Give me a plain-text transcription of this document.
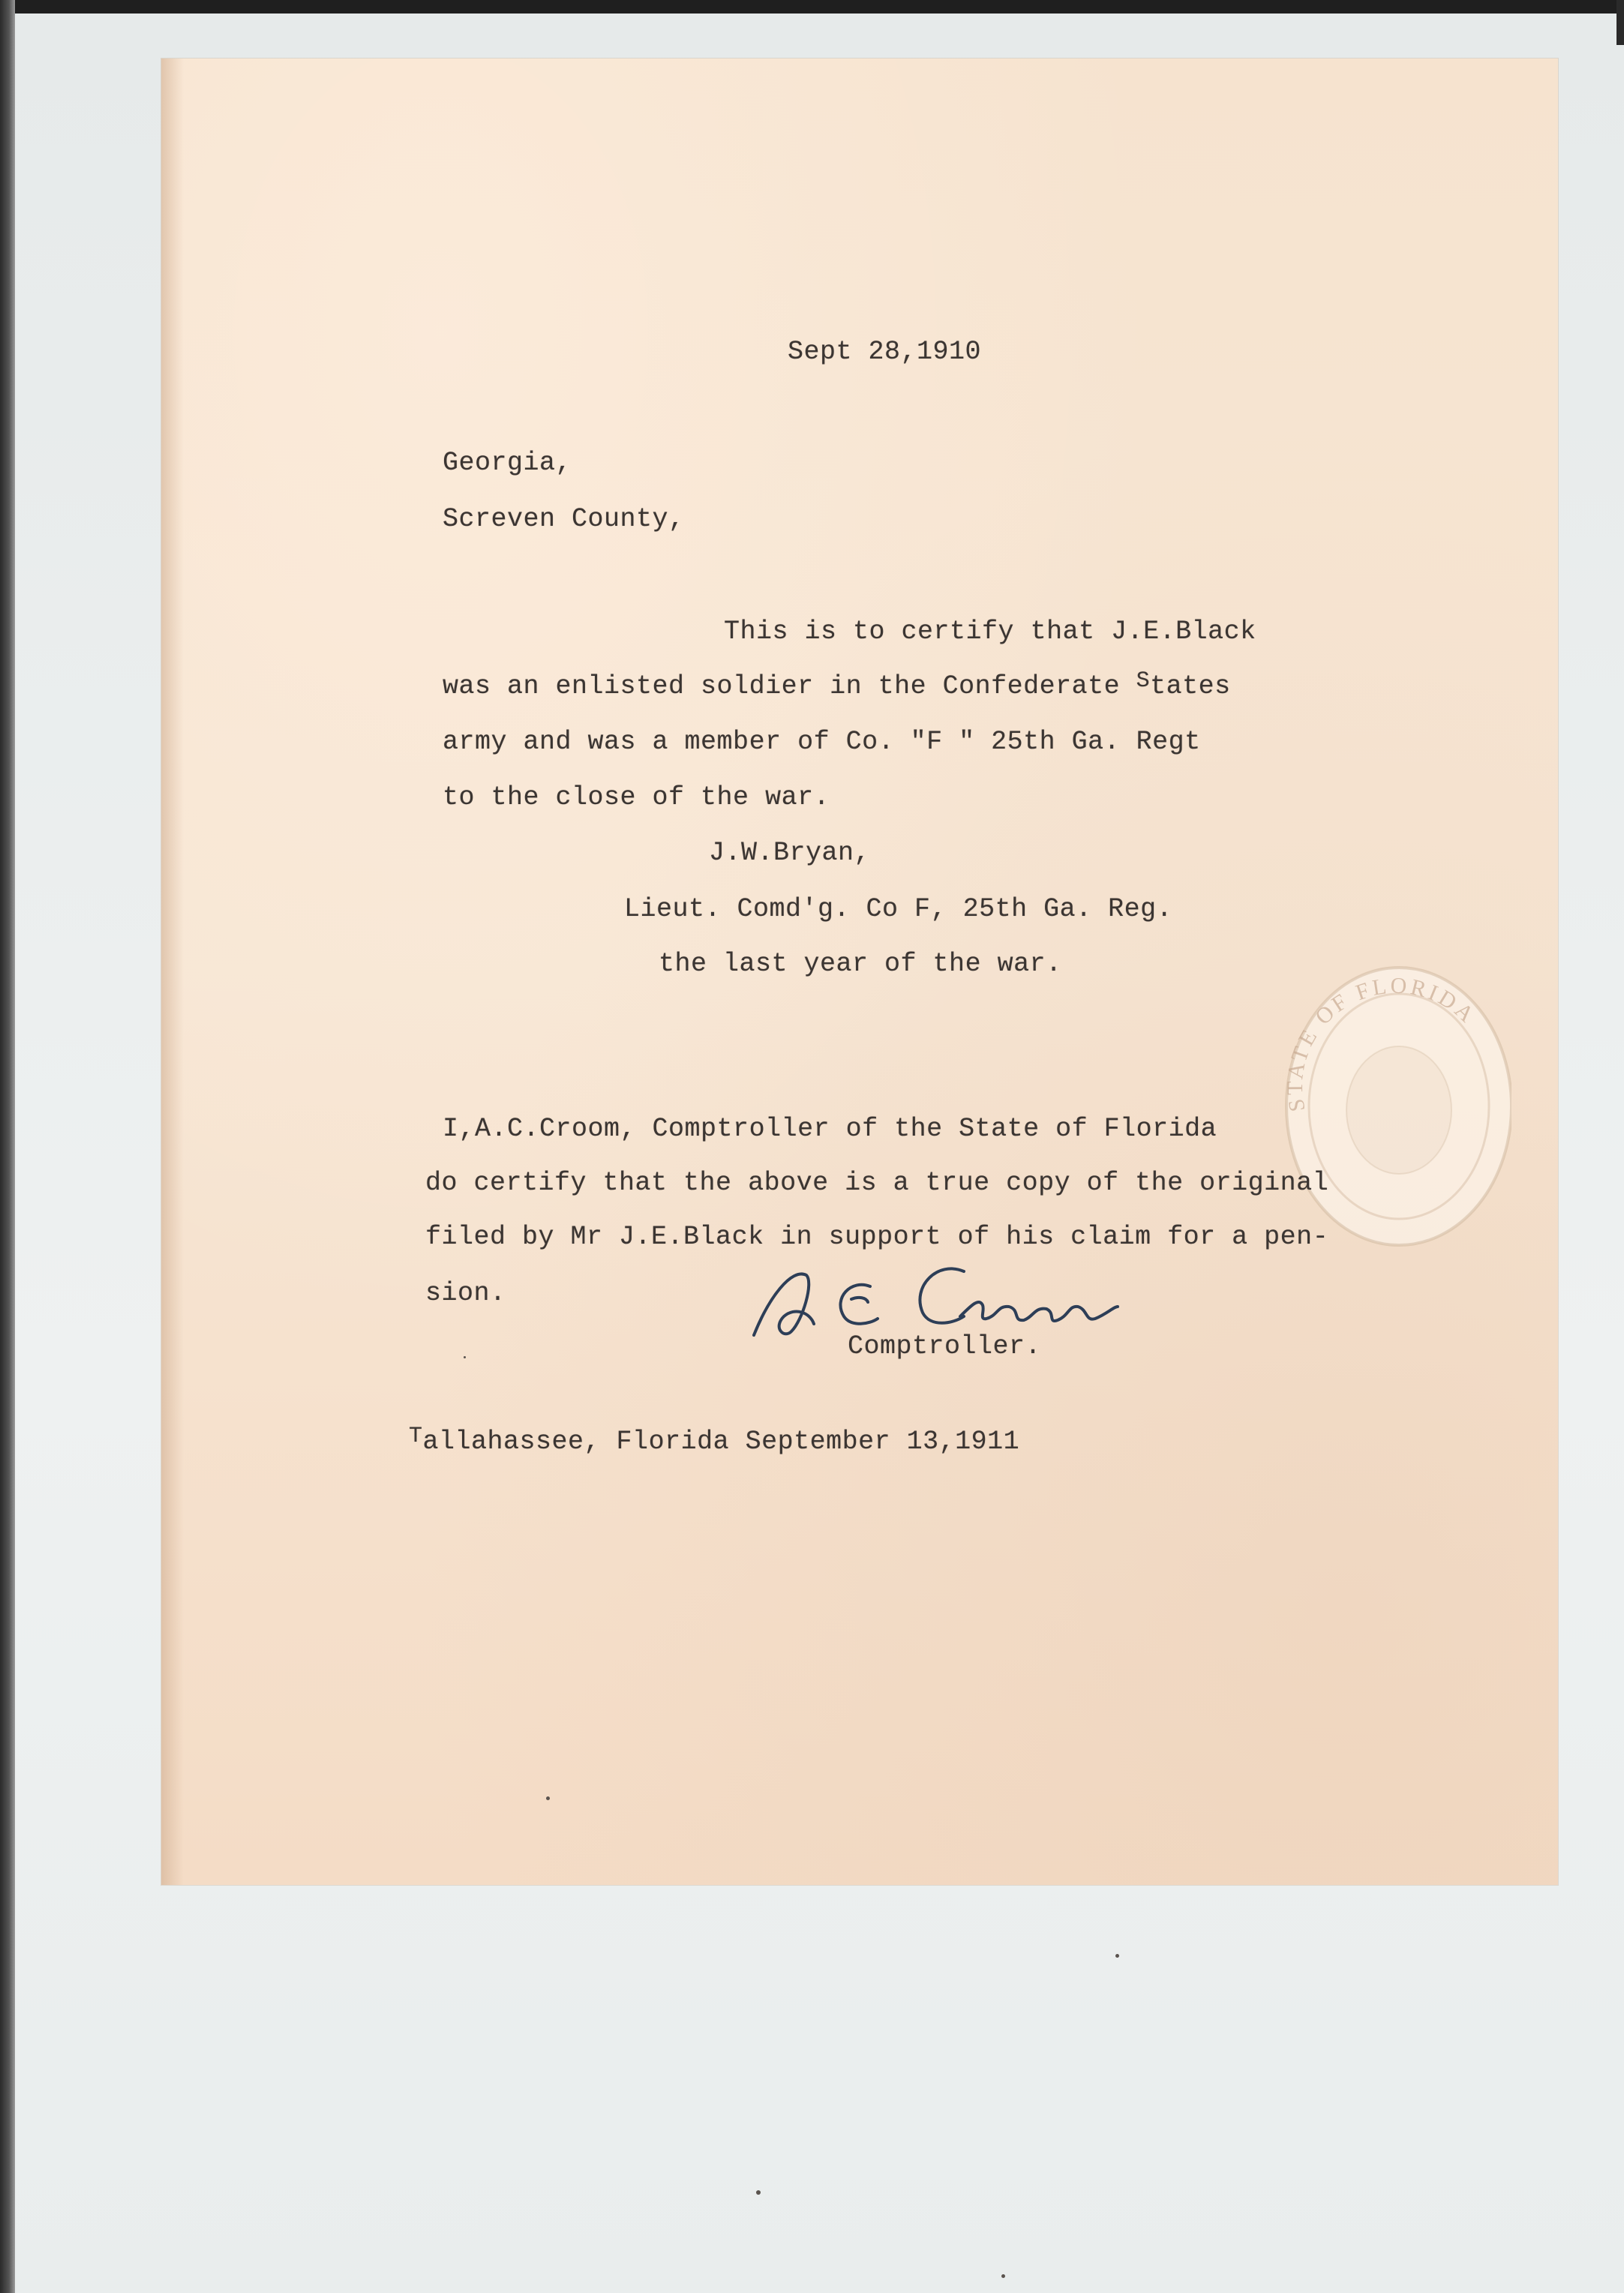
Sept 28,1910
Georgia,
Screven County,
This is to certify that J.E.Black
was an enlisted soldier in the Confederate States
army and was a member of Co. "F " 25th Ga. Regt
to the close of the war.
J.W.Bryan,
Lieut. Comd'g. Co F, 25th Ga. Reg.
the last year of the war.
STATE OF FLORIDA
I,A.C.Croom, Comptroller of the State of Florida
do certify that the above is a true copy of the original
filed by Mr J.E.Black in support of his claim for a pen-
sion.
Comptroller.
Tallahassee, Florida September 13,1911
